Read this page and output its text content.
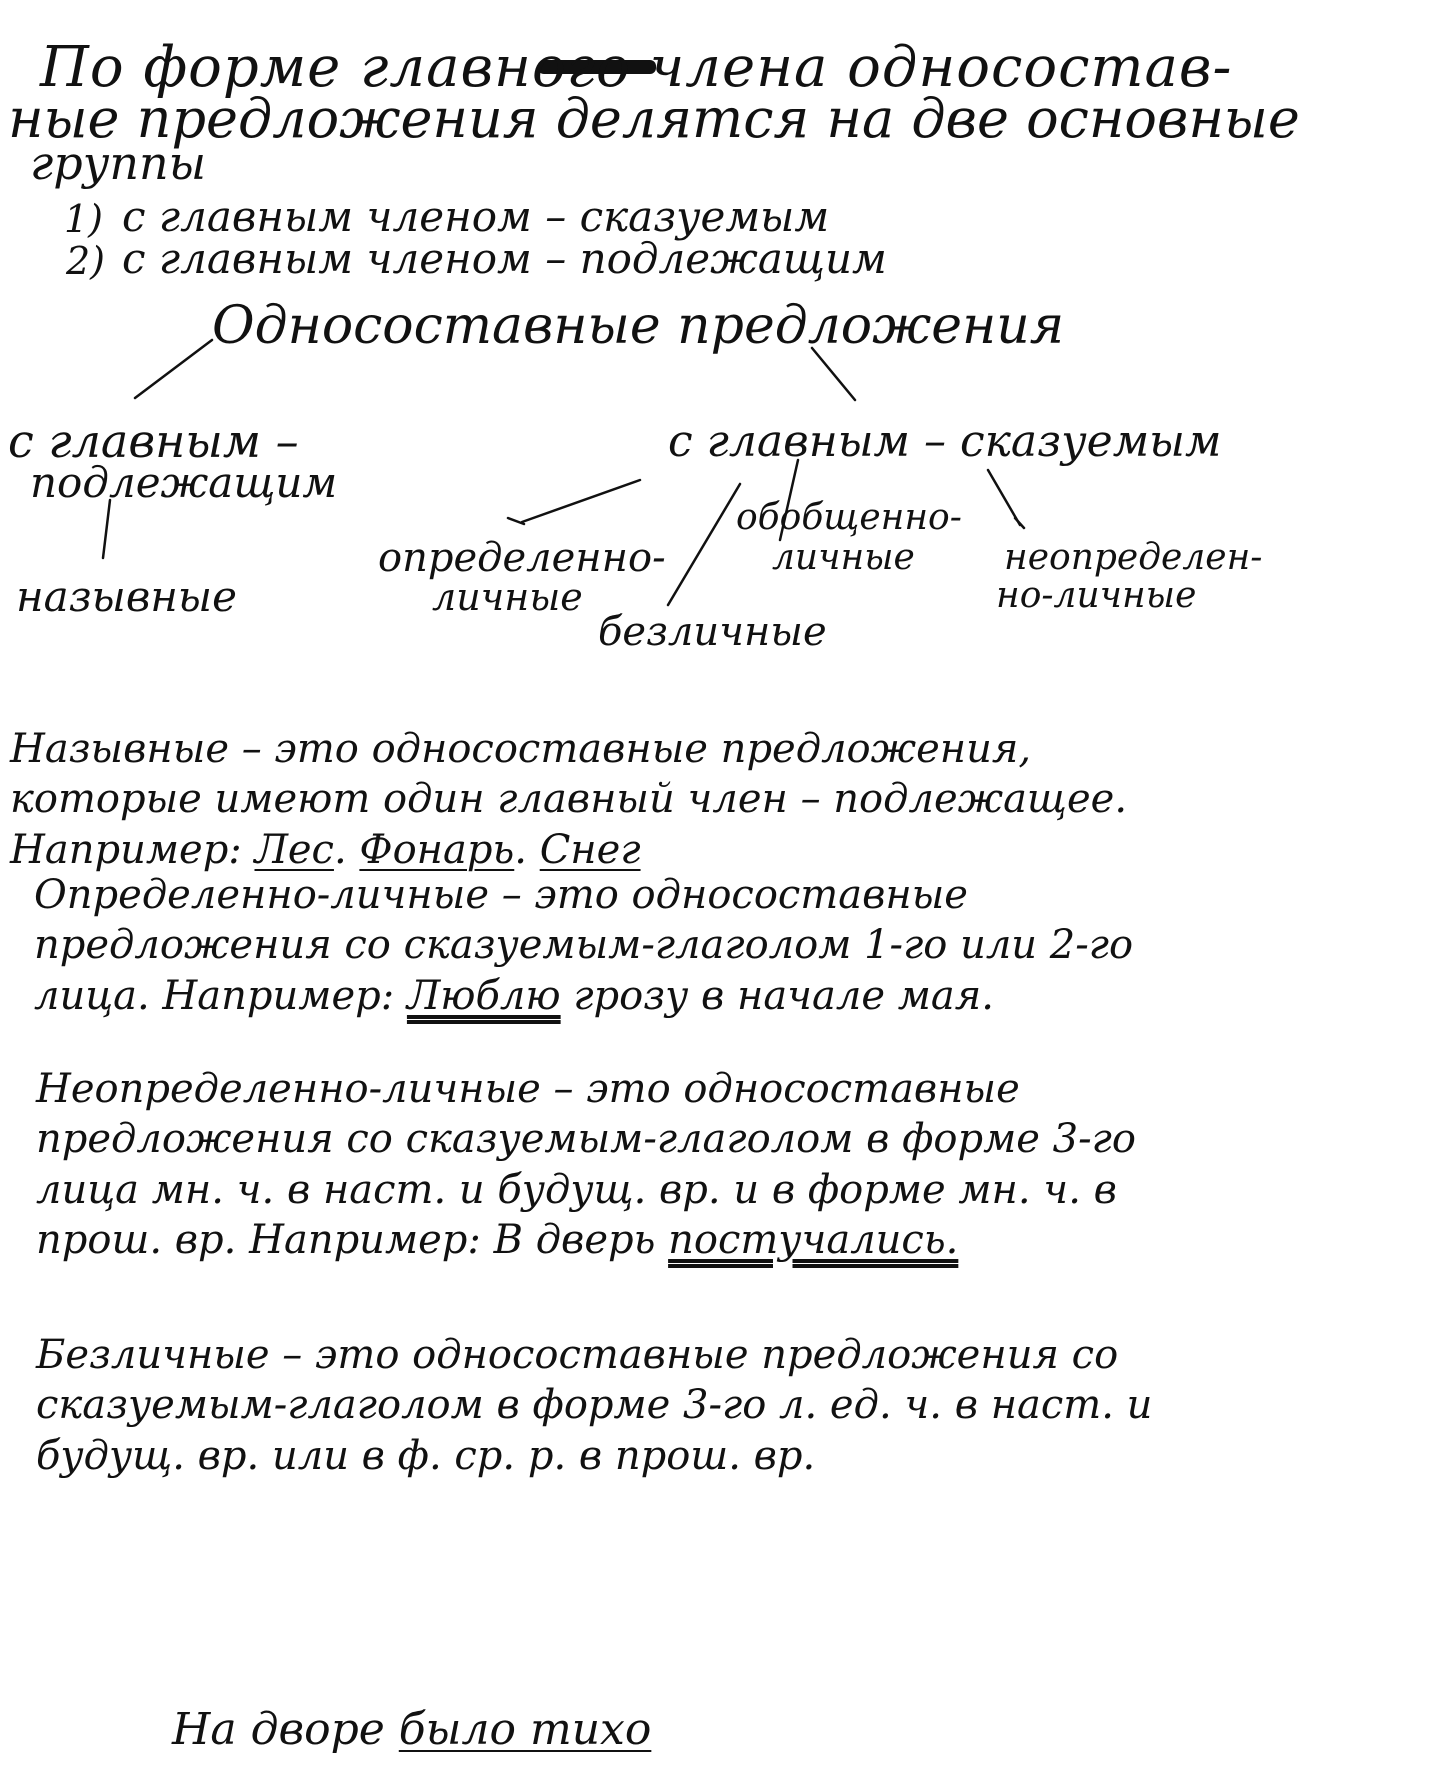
По форме главного члена односостав-
ные предложения делятся на две основные
группы
1) с главным членом – сказуемым
2) с главным членом – подлежащим
Односоставные предложения
с главным –
подлежащим
с главным – сказуемым
назывные
определенно-
личные
обобщенно-
личные неопределен-
но-личные
безличные
Назывные – это односоставные предложения, которые имеют один главный член – подлежащее. Например: Лес. Фонарь. Снег
Определенно-личные – это односоставные предложения со сказуемым-глаголом 1-го или 2-го лица. Например: Люблю грозу в начале мая.
Неопределенно-личные – это односоставные предложения со сказуемым-глаголом в форме 3-го лица мн. ч. в наст. и будущ. вр. и в форме мн. ч. в прош. вр. Например: В дверь постучались.
Безличные – это односоставные предложения со сказуемым-глаголом в форме 3-го л. ед. ч. в наст. и будущ. вр. или в ф. ср. р. в прош. вр.
На дворе было тихо
